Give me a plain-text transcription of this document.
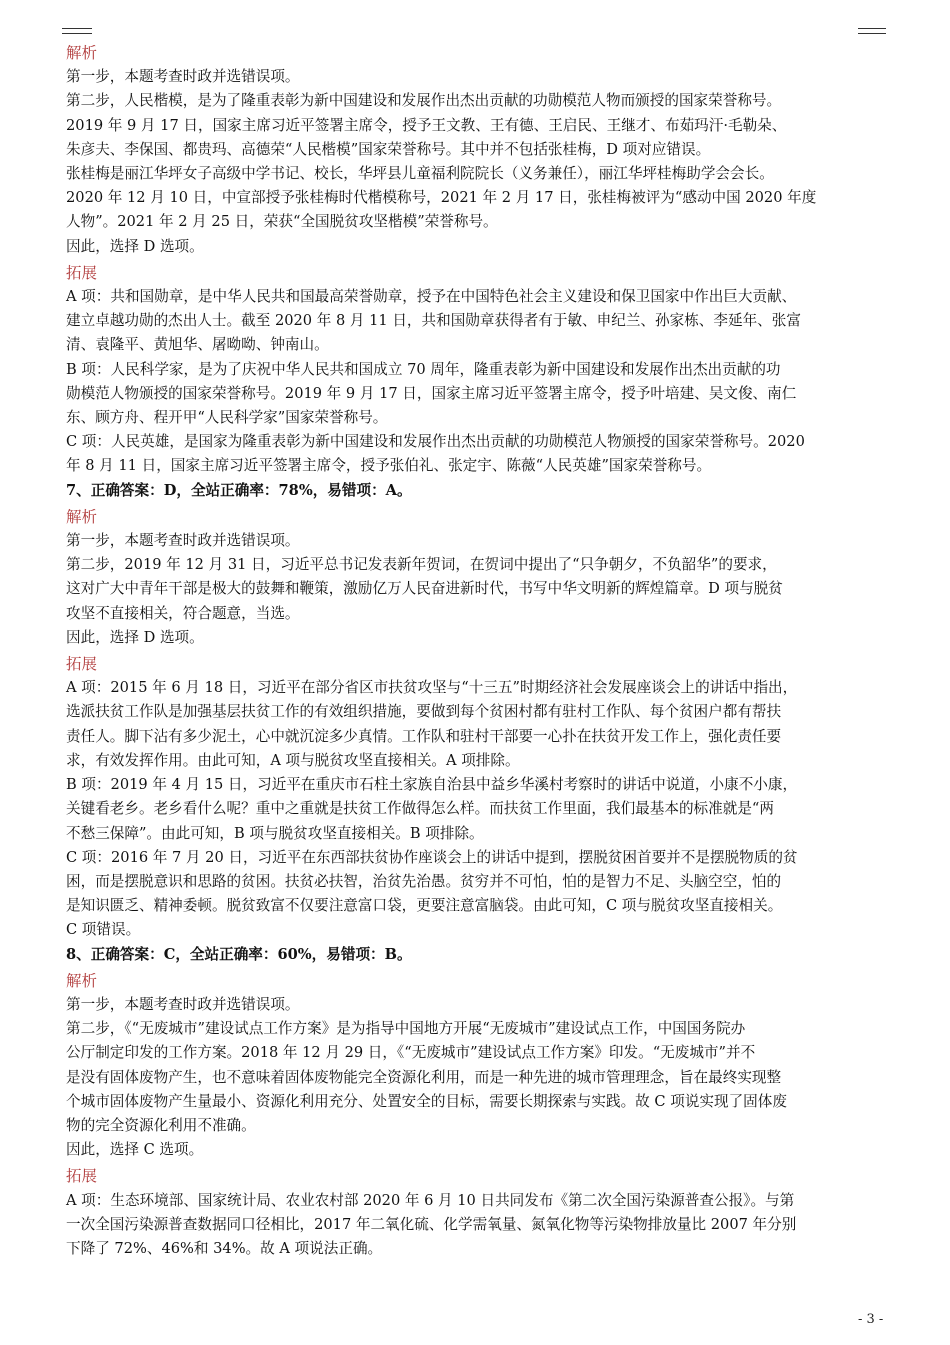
解析
第一步，本题考查时政并选错误项。
第二步，人民楷模，是为了隆重表彰为新中国建设和发展作出杰出贡献的功勋模范人物而颁授的国家荣誉称号。
2019 年 9 月 17 日，国家主席习近平签署主席令，授予王文教、王有德、王启民、王继才、布茹玛汗·毛勒朵、
朱彦夫、李保国、都贵玛、高德荣“人民楷模”国家荣誉称号。其中并不包括张桂梅，D 项对应错误。
张桂梅是丽江华坪女子高级中学书记、校长，华坪县儿童福利院院长（义务兼任），丽江华坪桂梅助学会会长。
2020 年 12 月 10 日，中宣部授予张桂梅时代楷模称号，2021 年 2 月 17 日，张桂梅被评为“感动中国 2020 年度
人物”。2021 年 2 月 25 日，荣获“全国脱贫攻坚楷模”荣誉称号。
因此，选择 D 选项。
拓展
A 项：共和国勋章，是中华人民共和国最高荣誉勋章，授予在中国特色社会主义建设和保卫国家中作出巨大贡献、
建立卓越功勋的杰出人士。截至 2020 年 8 月 11 日，共和国勋章获得者有于敏、申纪兰、孙家栋、李延年、张富
清、袁隆平、黄旭华、屠呦呦、钟南山。
B 项：人民科学家，是为了庆祝中华人民共和国成立 70 周年，隆重表彰为新中国建设和发展作出杰出贡献的功
勋模范人物颁授的国家荣誉称号。2019 年 9 月 17 日，国家主席习近平签署主席令，授予叶培建、吴文俊、南仁
东、顾方舟、程开甲“人民科学家”国家荣誉称号。
C 项：人民英雄，是国家为隆重表彰为新中国建设和发展作出杰出贡献的功勋模范人物颁授的国家荣誉称号。2020
年 8 月 11 日，国家主席习近平签署主席令，授予张伯礼、张定宇、陈薇“人民英雄”国家荣誉称号。
7、正确答案：D，全站正确率：78%，易错项：A。
解析
第一步，本题考查时政并选错误项。
第二步，2019 年 12 月 31 日，习近平总书记发表新年贺词，在贺词中提出了“只争朝夕，不负韶华”的要求，
这对广大中青年干部是极大的鼓舞和鞭策，激励亿万人民奋进新时代，书写中华文明新的辉煌篇章。D 项与脱贫
攻坚不直接相关，符合题意，当选。
因此，选择 D 选项。
拓展
A 项：2015 年 6 月 18 日，习近平在部分省区市扶贫攻坚与“十三五”时期经济社会发展座谈会上的讲话中指出，
选派扶贫工作队是加强基层扶贫工作的有效组织措施，要做到每个贫困村都有驻村工作队、每个贫困户都有帮扶
责任人。脚下沾有多少泥土，心中就沉淀多少真情。工作队和驻村干部要一心扑在扶贫开发工作上，强化责任要
求，有效发挥作用。由此可知，A 项与脱贫攻坚直接相关。A 项排除。
B 项：2019 年 4 月 15 日，习近平在重庆市石柱土家族自治县中益乡华溪村考察时的讲话中说道，小康不小康，
关键看老乡。老乡看什么呢？重中之重就是扶贫工作做得怎么样。而扶贫工作里面，我们最基本的标准就是“两
不愁三保障”。由此可知，B 项与脱贫攻坚直接相关。B 项排除。
C 项：2016 年 7 月 20 日，习近平在东西部扶贫协作座谈会上的讲话中提到，摆脱贫困首要并不是摆脱物质的贫
困，而是摆脱意识和思路的贫困。扶贫必扶智，治贫先治愚。贫穷并不可怕，怕的是智力不足、头脑空空，怕的
是知识匮乏、精神委顿。脱贫致富不仅要注意富口袋，更要注意富脑袋。由此可知，C 项与脱贫攻坚直接相关。
C 项错误。
8、正确答案：C，全站正确率：60%，易错项：B。
解析
第一步，本题考查时政并选错误项。
第二步，《“无废城市”建设试点工作方案》是为指导中国地方开展“无废城市”建设试点工作，中国国务院办
公厅制定印发的工作方案。2018 年 12 月 29 日，《“无废城市”建设试点工作方案》印发。“无废城市”并不
是没有固体废物产生，也不意味着固体废物能完全资源化利用，而是一种先进的城市管理理念，旨在最终实现整
个城市固体废物产生量最小、资源化利用充分、处置安全的目标，需要长期探索与实践。故 C 项说实现了固体废
物的完全资源化利用不准确。
因此，选择 C 选项。
拓展
A 项：生态环境部、国家统计局、农业农村部 2020 年 6 月 10 日共同发布《第二次全国污染源普查公报》。与第
一次全国污染源普查数据同口径相比，2017 年二氧化硫、化学需氧量、氮氧化物等污染物排放量比 2007 年分别
下降了 72%、46%和 34%。故 A 项说法正确。
- 3 -
